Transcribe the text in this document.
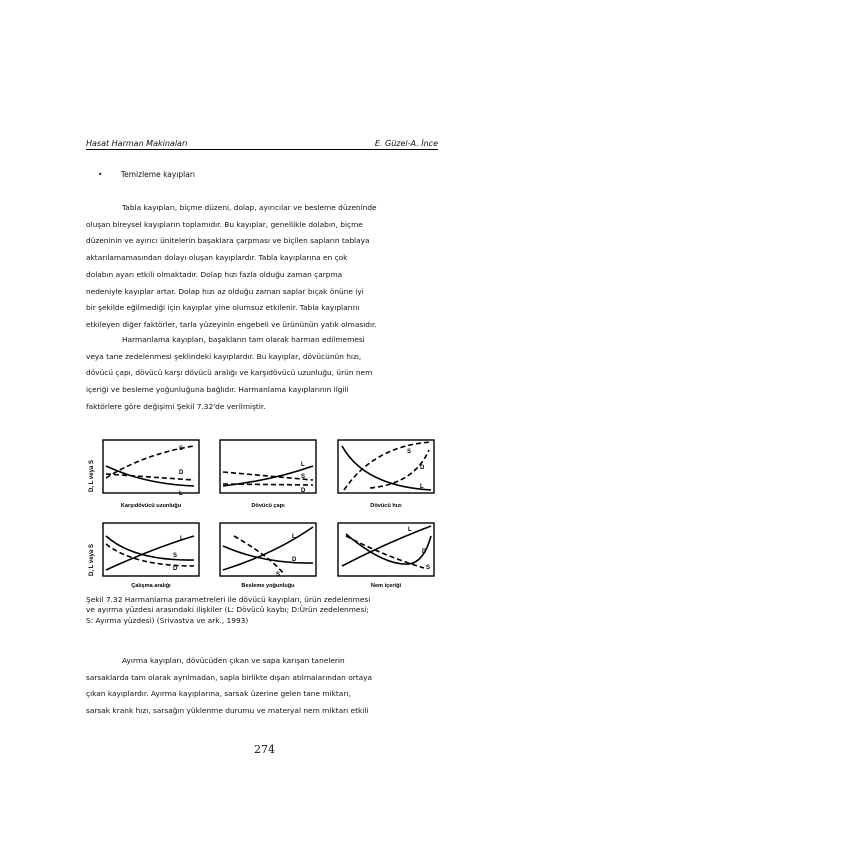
Hasat Harman Makinaları	E. Güzel-A. İnce
• Temizleme kayıpları
Tabla kayıpları, biçme düzeni, dolap, ayırıcılar ve besleme düzeninde
oluşan bireysel kayıpların toplamıdır. Bu kayıplar, genellikle dolabın, biçme
düzeninin ve ayırıcı ünitelerin başaklara çarpması ve biçilen sapların tablaya
aktarılamamasından dolayı oluşan kayıplardır. Tabla kayıplarına en çok
dolabın ayarı etkili olmaktadır. Dolap hızı fazla olduğu zaman çarpma
nedeniyle kayıplar artar. Dolap hızı az olduğu zaman saplar bıçak önüne iyi
bir şekilde eğilmediği için kayıplar yine olumsuz etkilenir. Tabla kayıplarını
etkileyen diğer faktörler, tarla yüzeyinin engebeli ve ürününün yatık olmasıdır.
Harmanlama kayıpları, başakların tam olarak harman edilmemesi
veya tane zedelenmesi şeklindeki kayıplardır. Bu kayıplar, dövücünün hızı,
dövücü çapı, dövücü karşı dövücü aralığı ve karşıdövücü uzunluğu, ürün nem
içeriği ve besleme yoğunluğuna bağlıdır. Harmanlama kayıplarının ilgili
faktörlere göre değişimi Şekil 7.32'de verilmiştir.
D, L veya S
D, L veya S
S
D
L
Karşıdövücü uzunluğu
L
S
D
Dövücü çapı
S
D
L
Dövücü hızı
L
S
D
Çalışma aralığı
L
D
S
Besleme yoğunluğu
L
D
S
Nem içeriği
Şekil 7.32 Harmanlama parametreleri ile dövücü kayıpları, ürün zedelenmesi
ve ayırma yüzdesi arasındaki ilişkiler (L: Dövücü kaybı; D:Ürün zedelenmesi;
S: Ayırma yüzdesi) (Srivastva ve ark., 1993)
Ayırma kayıpları, dövücüden çıkan ve sapa karışan tanelerin
sarsaklarda tam olarak ayrılmadan, sapla birlikte dışarı atılmalarından ortaya
çıkan kayıplardır. Ayırma kayıplarına, sarsak üzerine gelen tane miktarı,
sarsak krank hızı, sarsağın yüklenme durumu ve materyal nem miktarı etkili
274
